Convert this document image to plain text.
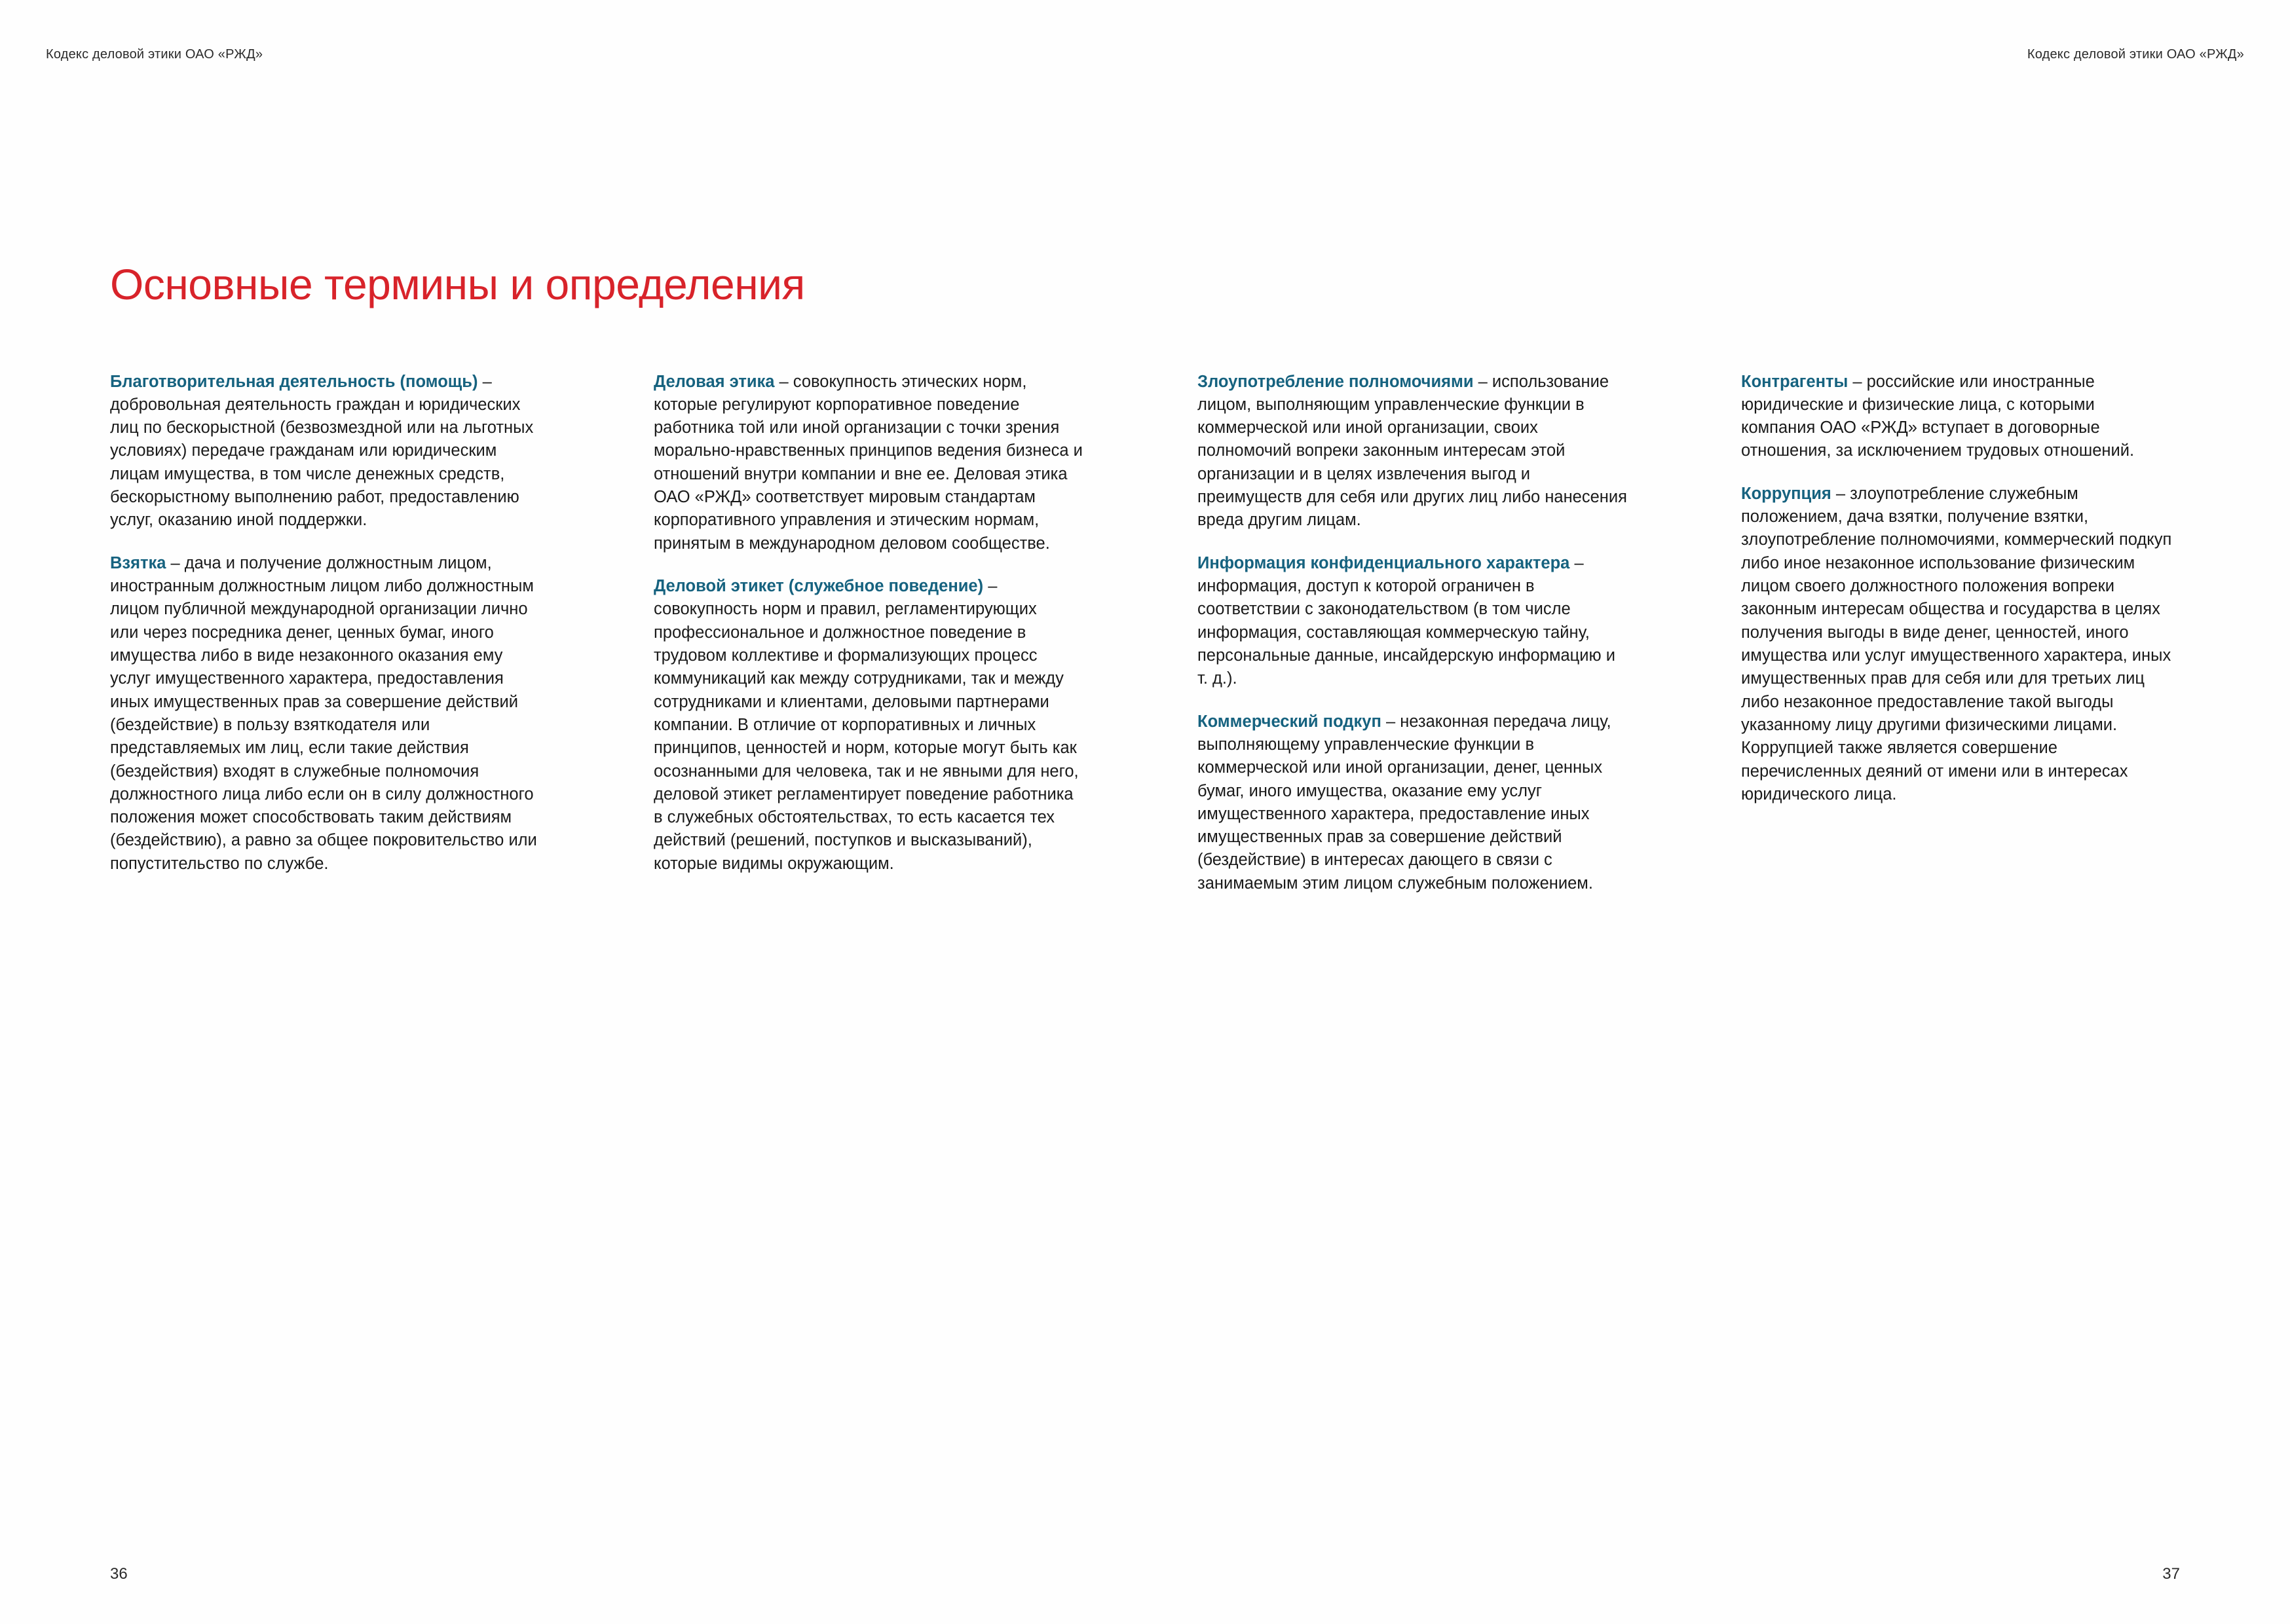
Кодекс деловой этики ОАО «РЖД»	Кодекс деловой этики ОАО «РЖД»
Основные термины и определения

Благотворительная деятельность (помощь) – добровольная деятельность граждан и юридических лиц по бескорыстной (безвозмездной или на льготных условиях) передаче гражданам или юридическим лицам имущества, в том числе денежных средств, бескорыстному выполнению работ, предоставлению услуг, оказанию иной поддержки.

Взятка – дача и получение должностным лицом, иностранным должностным лицом либо должностным лицом публичной международной организации лично или через посредника денег, ценных бумаг, иного имущества либо в виде незаконного оказания ему услуг имущественного характера, предоставления иных имущественных прав за совершение действий (бездействие) в пользу взяткодателя или представляемых им лиц, если такие действия (бездействия) входят в служебные полномочия должностного лица либо если он в силу должностного положения может способствовать таким действиям (бездействию), а равно за общее покровительство или попустительство по службе.

Деловая этика – совокупность этических норм, которые регулируют корпоративное поведение работника той или иной организации с точки зрения морально-нравственных принципов ведения бизнеса и отношений внутри компании и вне ее. Деловая этика ОАО «РЖД» соответствует мировым стандартам корпоративного управления и этическим нормам, принятым в международном деловом сообществе.

Деловой этикет (служебное поведение) – совокупность норм и правил, регламентирующих профессиональное и должностное поведение в трудовом коллективе и формализующих процесс коммуникаций как между сотрудниками, так и между сотрудниками и клиентами, деловыми партнерами компании. В отличие от корпоративных и личных принципов, ценностей и норм, которые могут быть как осознанными для человека, так и не явными для него, деловой этикет регламентирует поведение работника в служебных обстоятельствах, то есть касается тех действий (решений, поступков и высказываний), которые видимы окружающим.

Злоупотребление полномочиями – использование лицом, выполняющим управленческие функции в коммерческой или иной организации, своих полномочий вопреки законным интересам этой организации и в целях извлечения выгод и преимуществ для себя или других лиц либо нанесения вреда другим лицам.

Информация конфиденциального характера – информация, доступ к которой ограничен в соответствии с законодательством (в том числе информация, составляющая коммерческую тайну, персональные данные, инсайдерскую информацию и т. д.).

Коммерческий подкуп – незаконная передача лицу, выполняющему управленческие функции в коммерческой или иной организации, денег, ценных бумаг, иного имущества, оказание ему услуг имущественного характера, предоставление иных имущественных прав за совершение действий (бездействие) в интересах дающего в связи с занимаемым этим лицом служебным положением.

Контрагенты – российские или иностранные юридические и физические лица, с которыми компания ОАО «РЖД» вступает в договорные отношения, за исключением трудовых отношений.

Коррупция – злоупотребление служебным положением, дача взятки, получение взятки, злоупотребление полномочиями, коммерческий подкуп либо иное незаконное использование физическим лицом своего должностного положения вопреки законным интересам общества и государства в целях получения выгоды в виде денег, ценностей, иного имущества или услуг имущественного характера, иных имущественных прав для себя или для третьих лиц либо незаконное предоставление такой выгоды указанному лицу другими физическими лицами. Коррупцией также является совершение перечисленных деяний от имени или в интересах юридического лица.

36	37
